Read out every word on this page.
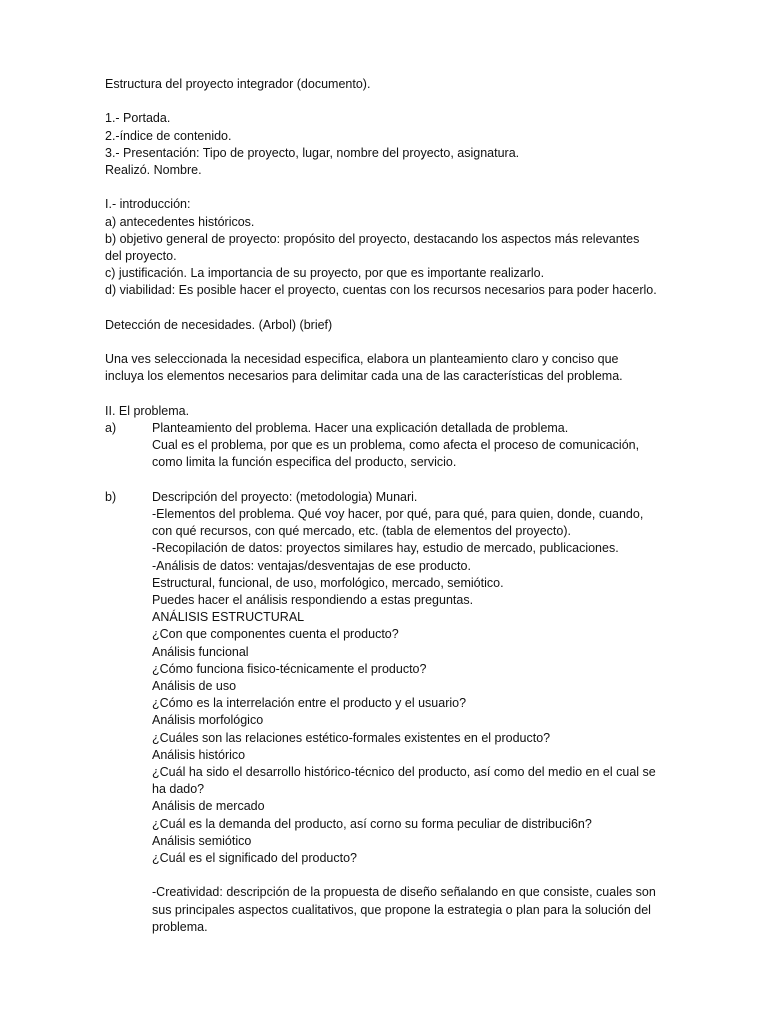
Estructura del proyecto integrador (documento).
1.- Portada.
2.-índice de contenido.
3.- Presentación: Tipo de proyecto, lugar, nombre del proyecto, asignatura.
Realizó. Nombre.
I.- introducción:
a) antecedentes históricos.
b) objetivo general de proyecto: propósito del proyecto, destacando los aspectos más relevantes
del proyecto.
c) justificación. La importancia de su proyecto, por que es importante realizarlo.
d) viabilidad: Es posible hacer el proyecto, cuentas con los recursos necesarios para poder hacerlo.
Detección de necesidades. (Arbol) (brief)
Una ves seleccionada la necesidad especifica, elabora un planteamiento claro y conciso que
incluya los elementos necesarios para delimitar cada una de las características del problema.
II. El problema.
a)	Planteamiento del problema. Hacer una explicación detallada de problema.
Cual es el problema, por que es un problema, como afecta el proceso de comunicación,
como limita la función especifica del producto, servicio.
b)	Descripción del proyecto: (metodologia) Munari.
-Elementos del problema. Qué voy hacer, por qué, para qué, para quien, donde, cuando,
con qué recursos, con qué mercado, etc. (tabla de elementos del proyecto).
-Recopilación de datos: proyectos similares hay, estudio de mercado, publicaciones.
-Análisis de datos: ventajas/desventajas de ese producto.
Estructural, funcional, de uso, morfológico, mercado, semiótico.
Puedes hacer el análisis respondiendo a estas preguntas.
ANÁLISIS ESTRUCTURAL
¿Con que componentes cuenta el producto?
Análisis funcional
¿Cómo funciona fisico-técnicamente el producto?
Análisis de uso
¿Cómo es la interrelación entre el producto y el usuario?
Análisis morfológico
¿Cuáles son las relaciones estético-formales existentes en el producto?
Análisis histórico
¿Cuál ha sido el desarrollo histórico-técnico del producto, así como del medio en el cual se
ha dado?
Análisis de mercado
¿Cuál es la demanda del producto, así corno su forma peculiar de distribuci6n?
Análisis semiótico
¿Cuál es el significado del producto?
-Creatividad: descripción de la propuesta de diseño señalando en que consiste, cuales son
sus principales aspectos cualitativos, que propone la estrategia o plan para la solución del
problema.
